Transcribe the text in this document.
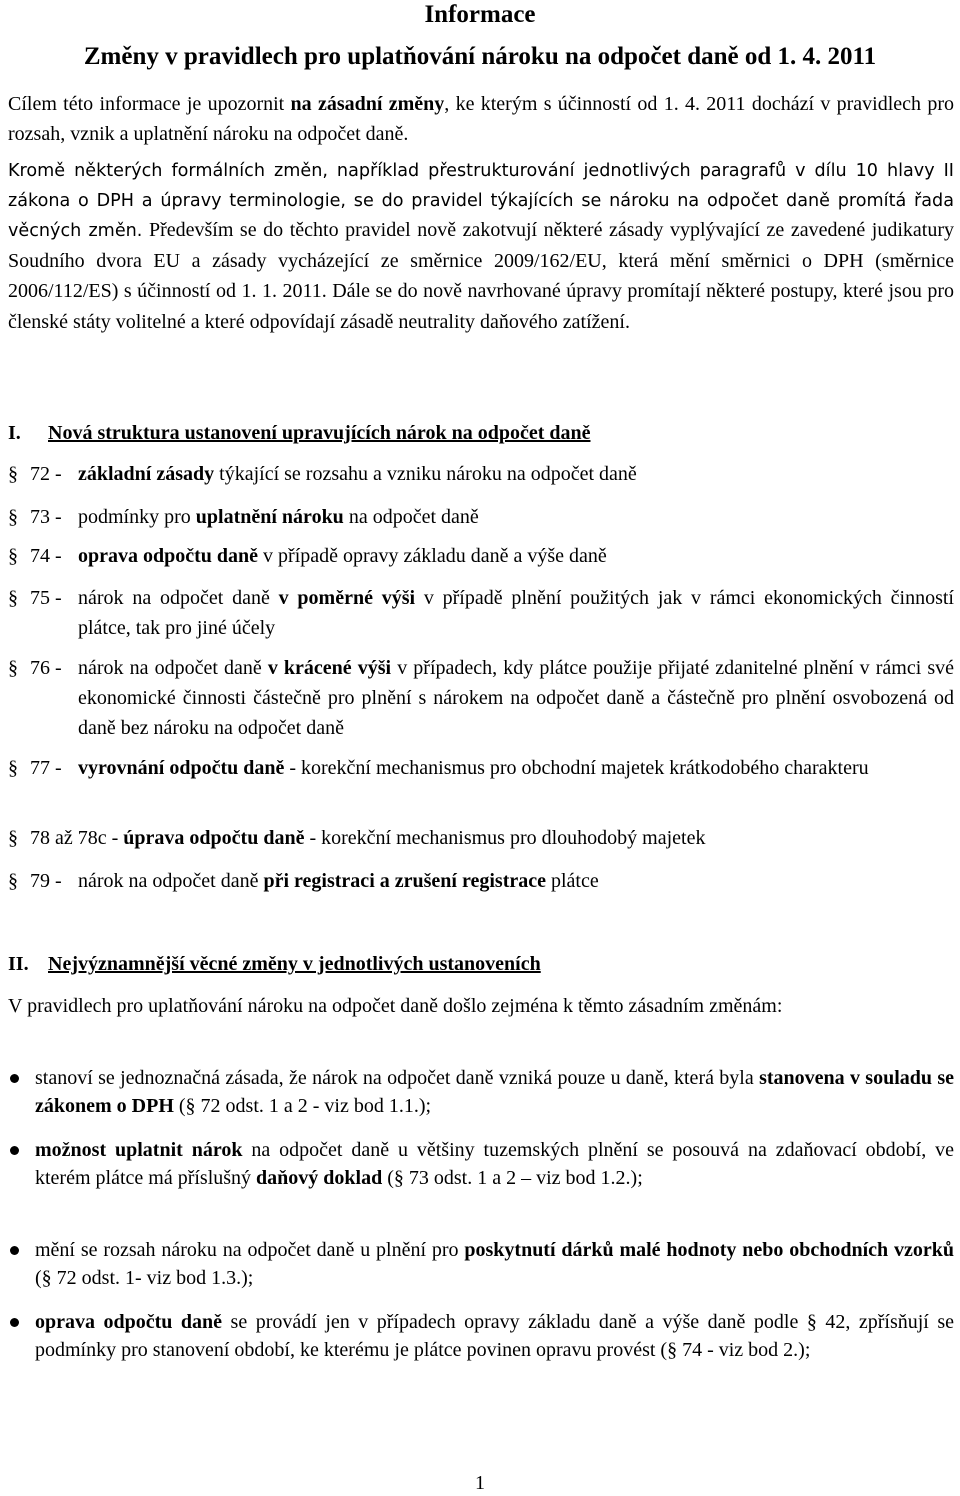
Informace
Změny v pravidlech pro uplatňování nároku na odpočet daně od 1. 4. 2011

Cílem této informace je upozornit na zásadní změny, ke kterým s účinností od 1. 4. 2011 dochází v pravidlech pro rozsah, vznik a uplatnění nároku na odpočet daně.

Kromě některých formálních změn, například přestrukturování jednotlivých paragrafů v dílu 10 hlavy II zákona o DPH a úpravy terminologie, se do pravidel týkajících se nároku na odpočet daně promítá řada věcných změn. Především se do těchto pravidel nově zakotvují některé zásady vyplývající ze zavedené judikatury Soudního dvora EU a zásady vycházející ze směrnice 2009/162/EU, která mění směrnici o DPH (směrnice 2006/112/ES) s účinností od 1. 1. 2011. Dále se do nově navrhované úpravy promítají některé postupy, které jsou pro členské státy volitelné a které odpovídají zásadě neutrality daňového zatížení.

I. Nová struktura ustanovení upravujících nárok na odpočet daně
§ 72 - základní zásady týkající se rozsahu a vzniku nároku na odpočet daně
§ 73 - podmínky pro uplatnění nároku na odpočet daně
§ 74 - oprava odpočtu daně v případě opravy základu daně a výše daně
§ 75 - nárok na odpočet daně v poměrné výši v případě plnění použitých jak v rámci ekonomických činností plátce, tak pro jiné účely
§ 76 - nárok na odpočet daně v krácené výši v případech, kdy plátce použije přijaté zdanitelné plnění v rámci své ekonomické činnosti částečně pro plnění s nárokem na odpočet daně a částečně pro plnění osvobozená od daně bez nároku na odpočet daně
§ 77 - vyrovnání odpočtu daně - korekční mechanismus pro obchodní majetek krátkodobého charakteru
§ 78 až 78c - úprava odpočtu daně - korekční mechanismus pro dlouhodobý majetek
§ 79 - nárok na odpočet daně při registraci a zrušení registrace plátce
II. Nejvýznamnější věcné změny v jednotlivých ustanoveních

V pravidlech pro uplatňování nároku na odpočet daně došlo zejména k těmto zásadním změnám:

stanoví se jednoznačná zásada, že nárok na odpočet daně vzniká pouze u daně, která byla stanovena v souladu se zákonem o DPH (§ 72 odst. 1 a 2 - viz bod 1.1.);
možnost uplatnit nárok na odpočet daně u většiny tuzemských plnění se posouvá na zdaňovací období, ve kterém plátce má příslušný daňový doklad (§ 73 odst. 1 a 2 – viz bod 1.2.);
mění se rozsah nároku na odpočet daně u plnění pro poskytnutí dárků malé hodnoty nebo obchodních vzorků (§ 72 odst. 1- viz bod 1.3.);
oprava odpočtu daně se provádí jen v případech opravy základu daně a výše daně podle § 42, zpřísňují se podmínky pro stanovení období, ke kterému je plátce povinen opravu provést (§ 74 - viz bod 2.);
1
